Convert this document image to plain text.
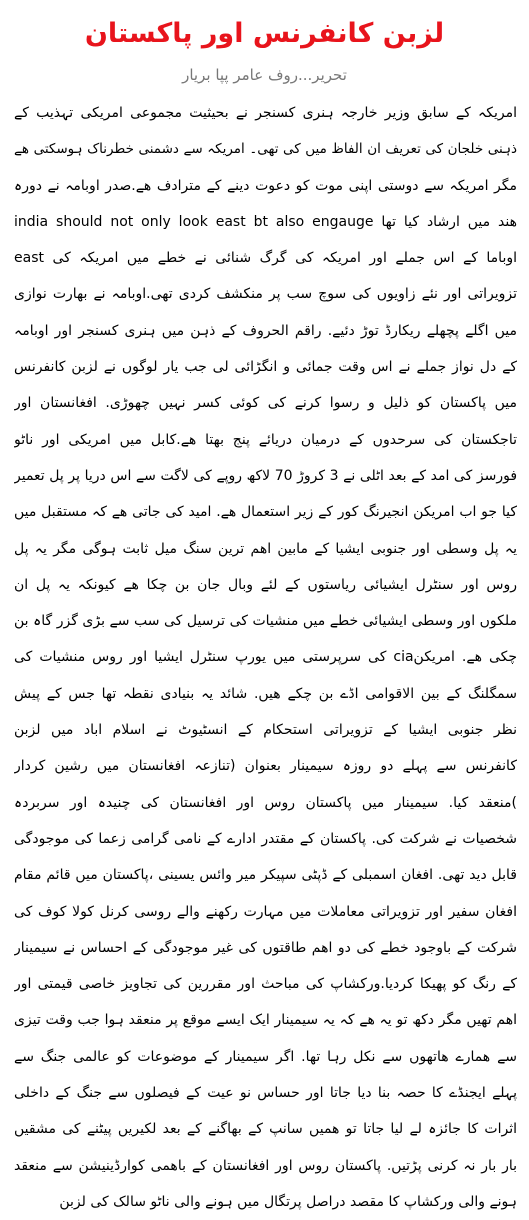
لزبن کانفرنس اور پاکستان
تحریر...روف عامر پپا بریار
امریکہ کے سابق وزیر خارجہ ہنری کسنجر نے بحیثیت مجموعی امریکی تہذیب کے
ذہنی خلجان کی تعریف ان الفاظ میں کی تھی۔ امریکہ سے دشمنی خطرناک ہوسکتی ھے
مگر امریکہ سے دوستی اپنی موت کو دعوت دینے کے مترادف ھے.صدر اوبامہ نے دورہ
ھند میں ارشاد کیا تھا india should not only look east bt also engauge
east اوباما کے اس جملے اور امریکہ کی گرگ شنائی نے خطے میں امریکہ کی
تزویراتی اور نئے زاویوں کی سوچ سب پر منکشف کردی تھی.اوبامہ نے بھارت نوازی
میں اگلے پچھلے ریکارڈ توڑ دئیے. راقم الحروف کے ذہن میں ہنری کسنجر اور اوبامہ
کے دل نواز جملے نے اس وقت جمائی و انگڑائی لی جب یار لوگوں نے لزبن کانفرنس
میں پاکستان کو ذلیل و رسوا کرنے کی کوئی کسر نہیں چھوڑی. افغانستان اور
تاجکستان کی سرحدوں کے درمیان دریائے پنج بھتا ھے.کابل میں امریکی اور ناٹو
فورسز کی امد کے بعد اٹلی نے 3 کروڑ 70 لاکھ روپے کی لاگت سے اس دریا پر پل تعمیر
کیا جو اب امریکن انجیرنگ کور کے زیر استعمال ھے. امید کی جاتی ھے کہ مستقبل میں
یہ پل وسطی اور جنوبی ایشیا کے مابین اھم ترین سنگ میل ثابت ہوگی مگر یہ پل
روس اور سنٹرل ایشیائی ریاستوں کے لئے وبال جان بن چکا ھے کیونکہ یہ پل ان
ملکوں اور وسطی ایشیائی خطے میں منشیات کی ترسیل کی سب سے بڑی گزر گاہ بن
چکی ھے. امریکنcia کی سرپرستی میں یورپ سنٹرل ایشیا اور روس منشیات کی
سمگلنگ کے بین الاقوامی اڈے بن چکے ھیں. شائد یہ بنیادی نقطہ تھا جس کے پیش
نظر جنوبی ایشیا کے تزویراتی استحکام کے انسٹیوٹ نے اسلام اباد میں لزبن
کانفرنس سے پہلے دو روزہ سیمینار بعنوان (تنازعہ افغانستان میں رشین کردار
)منعقد کیا. سیمینار میں پاکستان روس اور افغانستان کی چنیدہ اور سربردہ
شخصیات نے شرکت کی. پاکستان کے مقتدر ادارے کے نامی گرامی زعما کی موجودگی
قابل دید تھی. افغان اسمبلی کے ڈپٹی سپیکر میر وائس یسینی ،پاکستان میں قائم مقام
افغان سفیر اور تزویراتی معاملات میں مہارت رکھنے والے روسی کرنل کولا کوف کی
شرکت کے باوجود خطے کی دو اھم طاقتوں کی غیر موجودگی کے احساس نے سیمینار
کے رنگ کو پھیکا کردیا.ورکشاپ کی مباحث اور مقررین کی تجاویز خاصی قیمتی اور
اھم تھیں مگر دکھ تو یہ ھے کہ یہ سیمینار ایک ایسے موقع پر منعقد ہوا جب وقت تیزی
سے ھمارے ھاتھوں سے نکل رہا تھا. اگر سیمینار کے موضوعات کو عالمی جنگ سے
پہلے ایجنڈے کا حصہ بنا دیا جاتا اور حساس نو عیت کے فیصلوں سے جنگ کے داخلی
اثرات کا جائزہ لے لیا جاتا تو ھمیں سانپ کے بھاگنے کے بعد لکیریں پیٹنے کی مشقیں
بار بار نہ کرنی پڑتیں. پاکستان روس اور افغانستان کے باھمی کوارڈینیشن سے منعقد
ہونے والی ورکشاپ کا مقصد دراصل پرتگال میں ہونے والی ناٹو سالک کی لزبن
